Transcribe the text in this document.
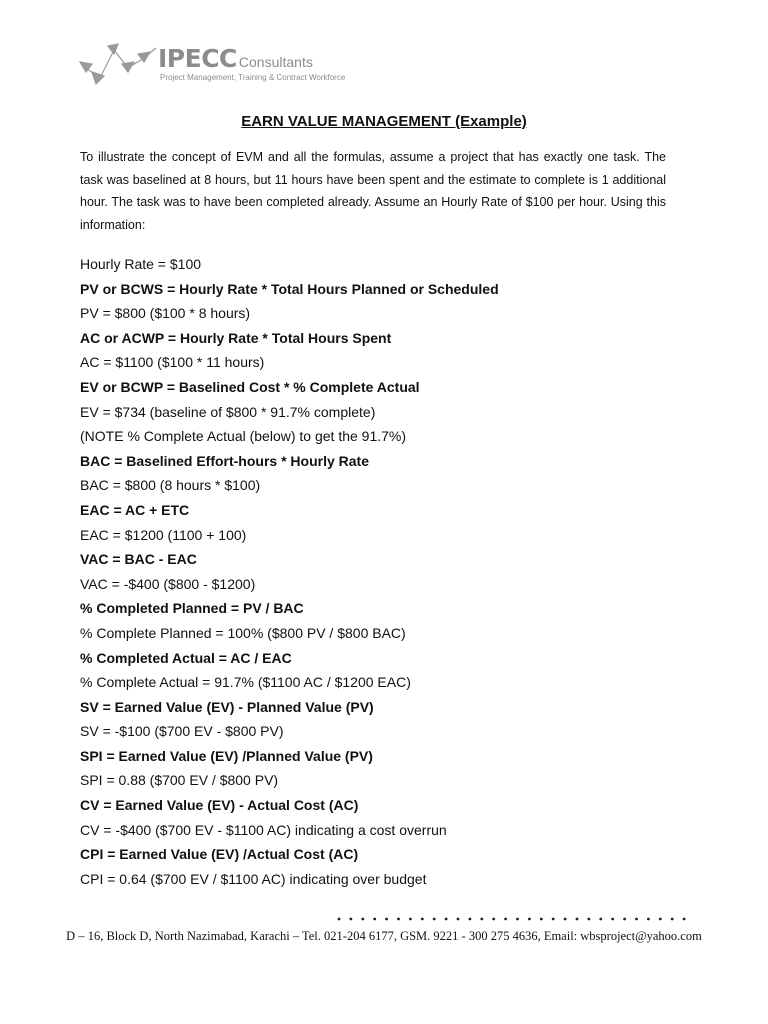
IPECC Consultants
Project Management, Training & Contract Workforce
EARN VALUE MANAGEMENT (Example)
To illustrate the concept of EVM and all the formulas, assume a project that has exactly one task. The task was baselined at 8 hours, but 11 hours have been spent and the estimate to complete is 1 additional hour. The task was to have been completed already. Assume an Hourly Rate of $100 per hour. Using this information:
Hourly Rate = $100
PV or BCWS = Hourly Rate * Total Hours Planned or Scheduled
PV = $800 ($100 * 8 hours)
AC or ACWP = Hourly Rate * Total Hours Spent
AC = $1100 ($100 * 11 hours)
EV or BCWP = Baselined Cost * % Complete Actual
EV = $734 (baseline of $800 * 91.7% complete)
(NOTE % Complete Actual (below) to get the 91.7%)
BAC = Baselined Effort-hours * Hourly Rate
BAC = $800 (8 hours * $100)
EAC = AC + ETC
EAC = $1200 (1100 + 100)
VAC = BAC - EAC
VAC = -$400 ($800 - $1200)
% Completed Planned = PV / BAC
% Complete Planned = 100% ($800 PV / $800 BAC)
% Completed Actual = AC / EAC
% Complete Actual = 91.7% ($1100 AC / $1200 EAC)
SV = Earned Value (EV) - Planned Value (PV)
SV = -$100 ($700 EV - $800 PV)
SPI = Earned Value (EV) /Planned Value (PV)
SPI = 0.88 ($700 EV / $800 PV)
CV = Earned Value (EV) - Actual Cost (AC)
CV = -$400 ($700 EV - $1100 AC) indicating a cost overrun
CPI = Earned Value (EV) /Actual Cost (AC)
CPI = 0.64 ($700 EV / $1100 AC) indicating over budget
D – 16, Block D, North Nazimabad, Karachi – Tel. 021-204 6177, GSM. 9221 - 300 275 4636, Email: wbsproject@yahoo.com
